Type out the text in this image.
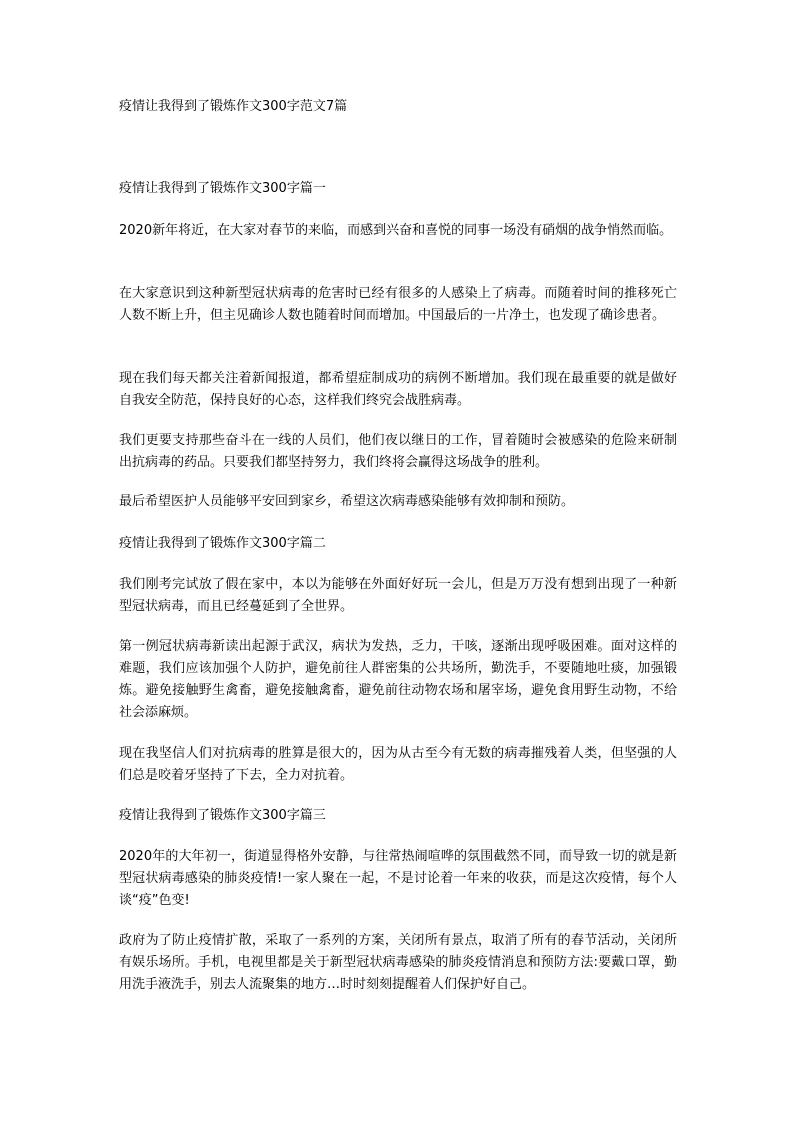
疫情让我得到了锻炼作文300字范文7篇
疫情让我得到了锻炼作文300字篇一
2020新年将近，在大家对春节的来临，而感到兴奋和喜悦的同事一场没有硝烟的战争悄然而临。
在大家意识到这种新型冠状病毒的危害时已经有很多的人感染上了病毒。而随着时间的推移死亡人数不断上升，但主见确诊人数也随着时间而增加。中国最后的一片净土，也发现了确诊患者。
现在我们每天都关注着新闻报道，都希望症制成功的病例不断增加。我们现在最重要的就是做好自我安全防范，保持良好的心态，这样我们终究会战胜病毒。
我们更要支持那些奋斗在一线的人员们，他们夜以继日的工作，冒着随时会被感染的危险来研制出抗病毒的药品。只要我们都坚持努力，我们终将会赢得这场战争的胜利。
最后希望医护人员能够平安回到家乡，希望这次病毒感染能够有效抑制和预防。
疫情让我得到了锻炼作文300字篇二
我们刚考完试放了假在家中，本以为能够在外面好好玩一会儿，但是万万没有想到出现了一种新型冠状病毒，而且已经蔓延到了全世界。
第一例冠状病毒新读出起源于武汉，病状为发热，乏力，干咳，逐渐出现呼吸困难。面对这样的难题，我们应该加强个人防护，避免前往人群密集的公共场所，勤洗手，不要随地吐痰，加强锻炼。避免接触野生禽畜，避免接触禽畜，避免前往动物农场和屠宰场，避免食用野生动物，不给社会添麻烦。
现在我坚信人们对抗病毒的胜算是很大的，因为从古至今有无数的病毒摧残着人类，但坚强的人们总是咬着牙坚持了下去，全力对抗着。
疫情让我得到了锻炼作文300字篇三
2020年的大年初一，街道显得格外安静，与往常热闹喧哗的氛围截然不同，而导致一切的就是新型冠状病毒感染的肺炎疫情!一家人聚在一起，不是讨论着一年来的收获，而是这次疫情，每个人谈“疫”色变!
政府为了防止疫情扩散，采取了一系列的方案，关闭所有景点，取消了所有的春节活动，关闭所有娱乐场所。手机，电视里都是关于新型冠状病毒感染的肺炎疫情消息和预防方法:要戴口罩，勤用洗手液洗手，别去人流聚集的地方…时时刻刻提醒着人们保护好自己。
